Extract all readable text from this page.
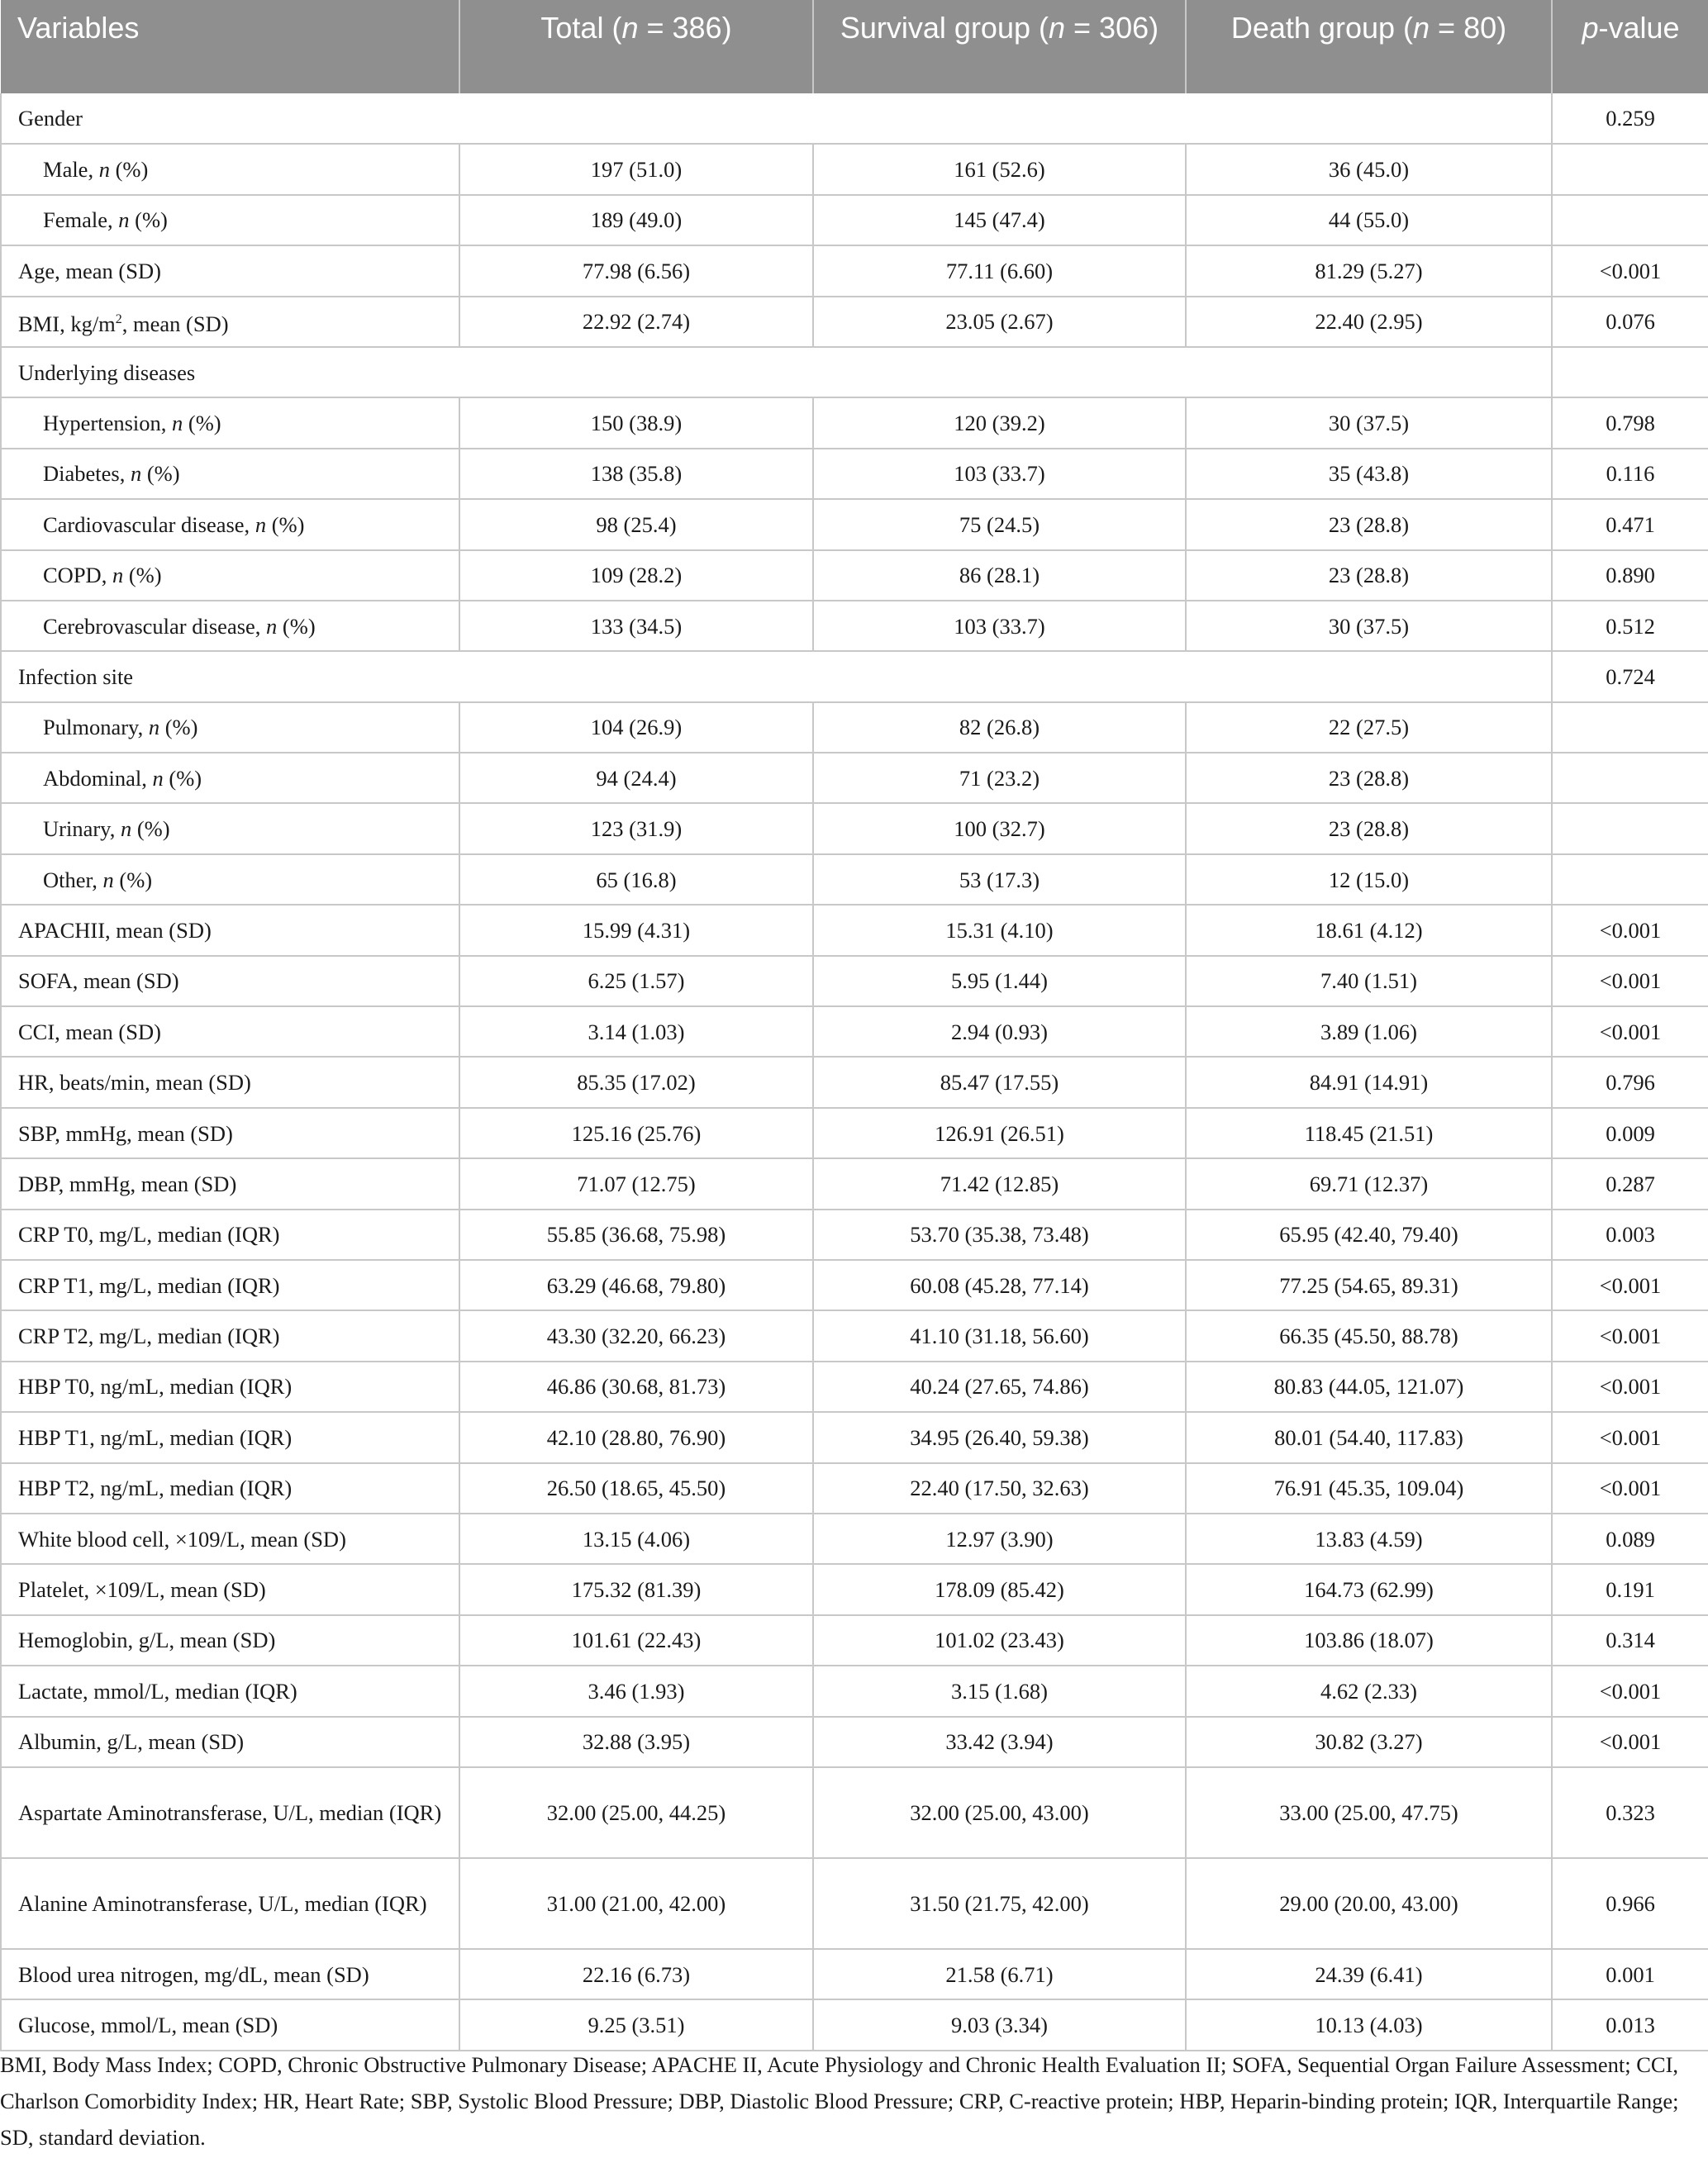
Variables	Total (n = 386)	Survival group (n = 306)	Death group (n = 80)	p-value
Gender				0.259
Male, n (%)	197 (51.0)	161 (52.6)	36 (45.0)	
Female, n (%)	189 (49.0)	145 (47.4)	44 (55.0)	
Age, mean (SD)	77.98 (6.56)	77.11 (6.60)	81.29 (5.27)	<0.001
BMI, $kg/m^2$, mean (SD)	22.92 (2.74)	23.05 (2.67)	22.40 (2.95)	0.076
Underlying diseases				
Hypertension, n (%)	150 (38.9)	120 (39.2)	30 (37.5)	0.798
Diabetes, n (%)	138 (35.8)	103 (33.7)	35 (43.8)	0.116
Cardiovascular disease, n (%)	98 (25.4)	75 (24.5)	23 (28.8)	0.471
COPD, n (%)	109 (28.2)	86 (28.1)	23 (28.8)	0.890
Cerebrovascular disease, n (%)	133 (34.5)	103 (33.7)	30 (37.5)	0.512
Infection site				0.724
Pulmonary, n (%)	104 (26.9)	82 (26.8)	22 (27.5)	
Abdominal, n (%)	94 (24.4)	71 (23.2)	23 (28.8)	
Urinary, n (%)	123 (31.9)	100 (32.7)	23 (28.8)	
Other, n (%)	65 (16.8)	53 (17.3)	12 (15.0)	
APACHII, mean (SD)	15.99 (4.31)	15.31 (4.10)	18.61 (4.12)	<0.001
SOFA, mean (SD)	6.25 (1.57)	5.95 (1.44)	7.40 (1.51)	<0.001
CCI, mean (SD)	3.14 (1.03)	2.94 (0.93)	3.89 (1.06)	<0.001
HR, beats/min, mean (SD)	85.35 (17.02)	85.47 (17.55)	84.91 (14.91)	0.796
SBP, mmHg, mean (SD)	125.16 (25.76)	126.91 (26.51)	118.45 (21.51)	0.009
DBP, mmHg, mean (SD)	71.07 (12.75)	71.42 (12.85)	69.71 (12.37)	0.287
CRP T0, mg/L, median (IQR)	55.85 (36.68, 75.98)	53.70 (35.38, 73.48)	65.95 (42.40, 79.40)	0.003
CRP T1, mg/L, median (IQR)	63.29 (46.68, 79.80)	60.08 (45.28, 77.14)	77.25 (54.65, 89.31)	<0.001
CRP T2, mg/L, median (IQR)	43.30 (32.20, 66.23)	41.10 (31.18, 56.60)	66.35 (45.50, 88.78)	<0.001
HBP T0, ng/mL, median (IQR)	46.86 (30.68, 81.73)	40.24 (27.65, 74.86)	80.83 (44.05, 121.07)	<0.001
HBP T1, ng/mL, median (IQR)	42.10 (28.80, 76.90)	34.95 (26.40, 59.38)	80.01 (54.40, 117.83)	<0.001
HBP T2, ng/mL, median (IQR)	26.50 (18.65, 45.50)	22.40 (17.50, 32.63)	76.91 (45.35, 109.04)	<0.001
White blood cell, ×109/L, mean (SD)	13.15 (4.06)	12.97 (3.90)	13.83 (4.59)	0.089
Platelet, ×109/L, mean (SD)	175.32 (81.39)	178.09 (85.42)	164.73 (62.99)	0.191
Hemoglobin, g/L, mean (SD)	101.61 (22.43)	101.02 (23.43)	103.86 (18.07)	0.314
Lactate, mmol/L, median (IQR)	3.46 (1.93)	3.15 (1.68)	4.62 (2.33)	<0.001
Albumin, g/L, mean (SD)	32.88 (3.95)	33.42 (3.94)	30.82 (3.27)	<0.001
Aspartate Aminotransferase, U/L, median (IQR)	32.00 (25.00, 44.25)	32.00 (25.00, 43.00)	33.00 (25.00, 47.75)	0.323
Alanine Aminotransferase, U/L, median (IQR)	31.00 (21.00, 42.00)	31.50 (21.75, 42.00)	29.00 (20.00, 43.00)	0.966
Blood urea nitrogen, mg/dL, mean (SD)	22.16 (6.73)	21.58 (6.71)	24.39 (6.41)	0.001
Glucose, mmol/L, mean (SD)	9.25 (3.51)	9.03 (3.34)	10.13 (4.03)	0.013
BMI, Body Mass Index; COPD, Chronic Obstructive Pulmonary Disease; APACHE II, Acute Physiology and Chronic Health Evaluation II; SOFA, Sequential Organ Failure Assessment; CCI, Charlson Comorbidity Index; HR, Heart Rate; SBP, Systolic Blood Pressure; DBP, Diastolic Blood Pressure; CRP, C-reactive protein; HBP, Heparin-binding protein; IQR, Interquartile Range; SD, standard deviation.
